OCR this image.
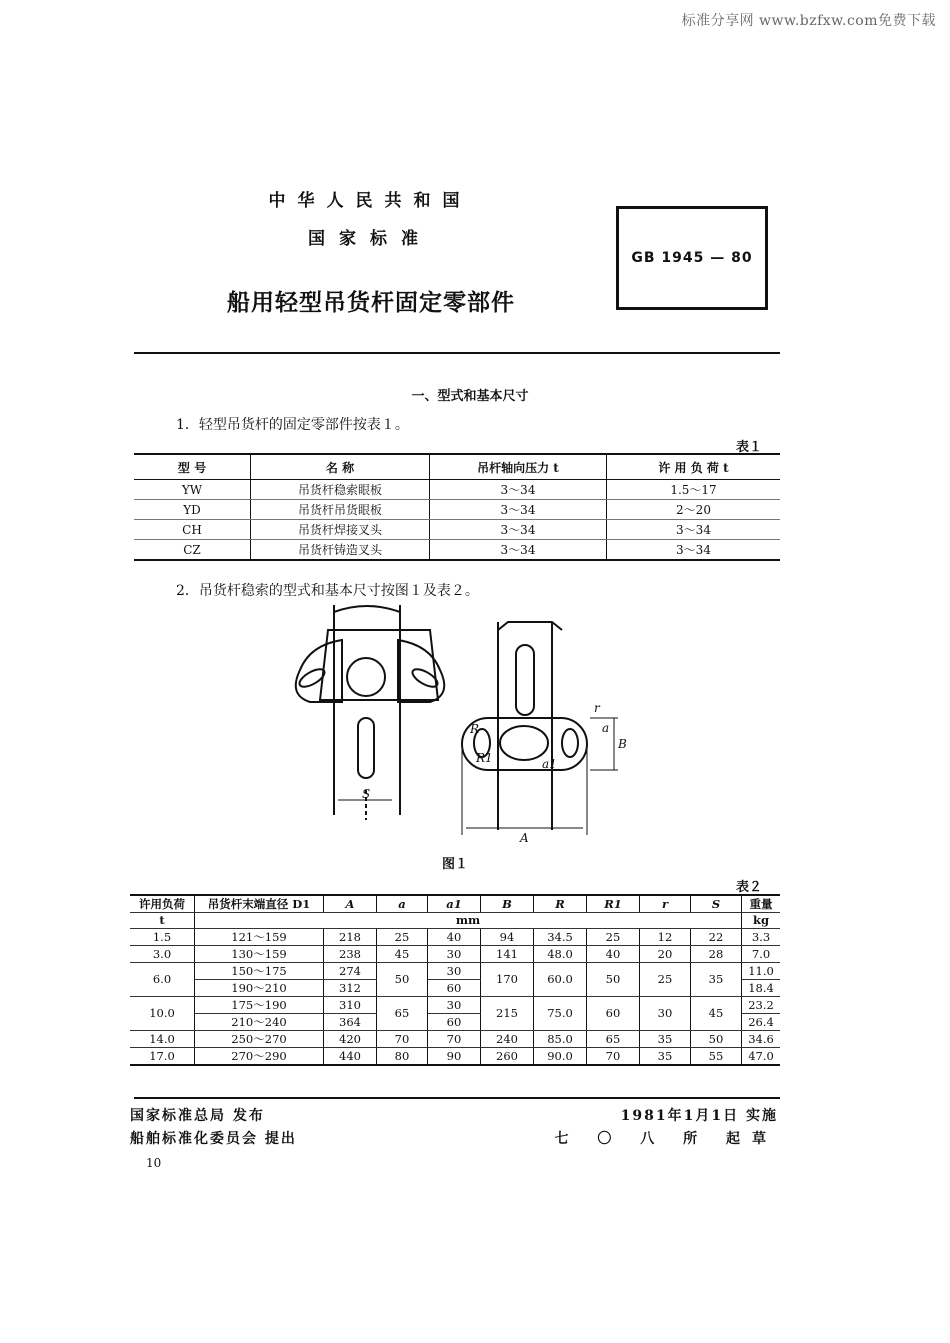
标准分享网 www.bzfxw.com免费下载
中华人民共和国
国家标准
船用轻型吊货杆固定零部件
GB 1945 — 80
一、型式和基本尺寸
1．轻型吊货杆的固定零部件按表１。
表１
型 号	名 称	吊杆轴向压力 t	许 用 负 荷 t
YW	吊货杆稳索眼板	3～34	1.5～17
YD	吊货杆吊货眼板	3～34	2～20
CH	吊货杆焊接叉头	3～34	3～34
CZ	吊货杆铸造叉头	3～34	3～34
2．吊货杆稳索的型式和基本尺寸按图１及表２。
S
A
B
R
R1	a1
a
r
图１
表２
许用负荷	吊货杆末端直径 D1	A	a	a1	B	R	R1	r	S	重量
t	mm									kg
1.5	121～159	218	25	40	94	34.5	25	12	22	3.3
3.0	130～159	238	45	30	141	48.0	40	20	28	7.0
6.0	150～175	274	50	30	170	60.0	50	25	35	11.0
	190～210	312		60						18.4
10.0	175～190	310	65	30	215	75.0	60	30	45	23.2
	210～240	364		60						26.4
14.0	250～270	420	70	70	240	85.0	65	35	50	34.6
17.0	270～290	440	80	90	260	90.0	70	35	55	47.0
国家标准总局 发布
船舶标准化委员会 提出
1981年1月1日 实施
七 〇 八 所 起草
10
